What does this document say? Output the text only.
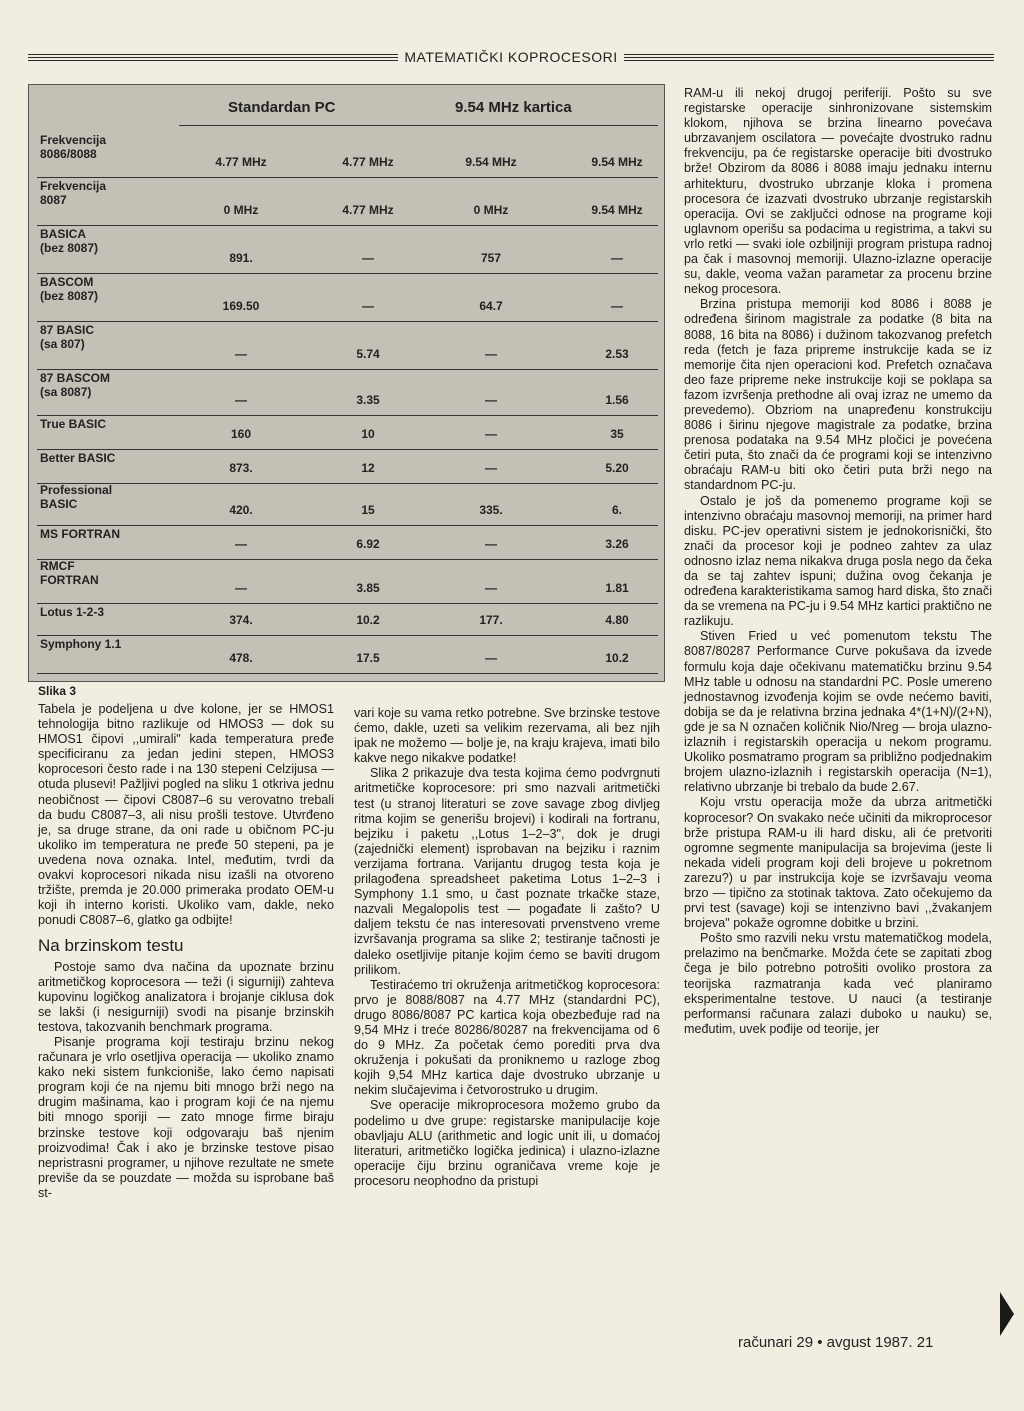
MATEMATIČKI KOPROCESORI
Standardan PC	9.54 MHz kartica
Frekvencija
8086/8088
4.77 MHz	4.77 MHz	9.54 MHz	9.54 MHz
Frekvencija
8087
0 MHz	4.77 MHz	0 MHz	9.54 MHz
BASICA
(bez 8087)
891.	—	757	—
BASCOM
(bez 8087)
169.50	—	64.7	—
87 BASIC
(sa 807)
—	5.74	—	2.53
87 BASCOM
(sa 8087)
—	3.35	—	1.56
True BASIC
160	10	—	35
Better BASIC
873.	12	—	5.20
Professional
BASIC	420.	15	335.	6.
MS FORTRAN
—	6.92	—	3.26
RMCF
FORTRAN
—	3.85	—	1.81
Lotus 1-2-3
374.	10.2	177.	4.80
Symphony 1.1
478.	17.5	—	10.2
Slika 3

Tabela je podeljena u dve kolone, jer se HMOS1 tehnologija bitno razlikuje od HMOS3 — dok su HMOS1 čipovi ,,umirali" kada temperatura pređe specificiranu za jedan jedini stepen, HMOS3 koprocesori često rade i na 130 stepeni Celzijusa — otuda plusevi! Pažljivi pogled na sliku 1 otkriva jednu neobičnost — čipovi C8087–6 su verovatno trebali da budu C8087–3, ali nisu prošli testove. Utvrđeno je, sa druge strane, da oni rade u običnom PC-ju ukoliko im temperatura ne pređe 50 stepeni, pa je uvedena nova oznaka. Intel, međutim, tvrdi da ovakvi koprocesori nikada nisu izašli na otvoreno tržište, premda je 20.000 primeraka prodato OEM-u koji ih interno koristi. Ukoliko vam, dakle, neko ponudi C8087–6, glatko ga odbijte!

Na brzinskom testu

Postoje samo dva načina da upoznate brzinu aritmetičkog koprocesora — teži (i sigurniji) zahteva kupovinu logičkog analizatora i brojanje ciklusa dok se lakši (i nesigurniji) svodi na pisanje brzinskih testova, takozvanih benchmark programa.

Pisanje programa koji testiraju brzinu nekog računara je vrlo osetljiva operacija — ukoliko znamo kako neki sistem funkcioniše, lako ćemo napisati program koji će na njemu biti mnogo brži nego na drugim mašinama, kao i program koji će na njemu biti mnogo sporiji — zato mnoge firme biraju brzinske testove koji odgovaraju baš njenim proizvodima! Čak i ako je brzinske testove pisao nepristrasni programer, u njihove rezultate ne smete previše da se pouzdate — možda su isprobane baš st-

vari koje su vama retko potrebne. Sve brzinske testove ćemo, dakle, uzeti sa velikim rezervama, ali bez njih ipak ne možemo — bolje je, na kraju krajeva, imati bilo kakve nego nikakve podatke!

Slika 2 prikazuje dva testa kojima ćemo podvrgnuti aritmetičke koprocesore: pri smo nazvali aritmetički test (u stranoj literaturi se zove savage zbog divljeg ritma kojim se generišu brojevi) i kodirali na fortranu, bejziku i paketu ,,Lotus 1–2–3", dok je drugi (zajednički element) isprobavan na bejziku i raznim verzijama fortrana. Varijantu drugog testa koja je prilagođena spreadsheet paketima Lotus 1–2–3 i Symphony 1.1 smo, u čast poznate trkačke staze, nazvali Megalopolis test — pogađate li zašto? U daljem tekstu će nas interesovati prvenstveno vreme izvršavanja programa sa slike 2; testiranje tačnosti je daleko osetljivije pitanje kojim ćemo se baviti drugom prilikom.

Testiraćemo tri okruženja aritmetičkog koprocesora: prvo je 8088/8087 na 4.77 MHz (standardni PC), drugo 8086/8087 PC kartica koja obezbeđuje rad na 9,54 MHz i treće 80286/80287 na frekvencijama od 6 do 9 MHz. Za početak ćemo porediti prva dva okruženja i pokušati da proniknemo u razloge zbog kojih 9,54 MHz kartica daje dvostruko ubrzanje u nekim slučajevima i četvorostruko u drugim.

Sve operacije mikroprocesora možemo grubo da podelimo u dve grupe: registarske manipulacije koje obavljaju ALU (arithmetic and logic unit ili, u domaćoj literaturi, aritmetičko logička jedinica) i ulazno-izlazne operacije čiju brzinu ograničava vreme koje je procesoru neophodno da pristupi

RAM-u ili nekoj drugoj periferiji. Pošto su sve registarske operacije sinhronizovane sistemskim klokom, njihova se brzina linearno povećava ubrzavanjem oscilatora — povećajte dvostruko radnu frekvenciju, pa će registarske operacije biti dvostruko brže! Obzirom da 8086 i 8088 imaju jednaku internu arhitekturu, dvostruko ubrzanje kloka i promena procesora će izazvati dvostruko ubrzanje registarskih operacija. Ovi se zaključci odnose na programe koji uglavnom operišu sa podacima u registrima, a takvi su vrlo retki — svaki iole ozbiljniji program pristupa radnoj pa čak i masovnoj memoriji. Ulazno-izlazne operacije su, dakle, veoma važan parametar za procenu brzine nekog procesora.

Brzina pristupa memoriji kod 8086 i 8088 je određena širinom magistrale za podatke (8 bita na 8088, 16 bita na 8086) i dužinom takozvanog prefetch reda (fetch je faza pripreme instrukcije kada se iz memorije čita njen operacioni kod. Prefetch označava deo faze pripreme neke instrukcije koji se poklapa sa fazom izvršenja prethodne ali ovaj izraz ne umemo da prevedemo). Obzriom na unapređenu konstrukciju 8086 i širinu njegove magistrale za podatke, brzina prenosa podataka na 9.54 MHz pločici je povećena četiri puta, što znači da će programi koji se intenzivno obraćaju RAM-u biti oko četiri puta brži nego na standardnom PC-ju.

Ostalo je još da pomenemo programe koji se intenzivno obraćaju masovnoj memoriji, na primer hard disku. PC-jev operativni sistem je jednokorisnički, što znači da procesor koji je podneo zahtev za ulaz odnosno izlaz nema nikakva druga posla nego da čeka da se taj zahtev ispuni; dužina ovog čekanja je određena karakteristikama samog hard diska, što znači da se vremena na PC-ju i 9.54 MHz kartici praktično ne razlikuju.

Stiven Fried u već pomenutom tekstu The 8087/80287 Performance Curve pokušava da izvede formulu koja daje očekivanu matematičku brzinu 9.54 MHz table u odnosu na standardni PC. Posle umereno jednostavnog izvođenja kojim se ovde nećemo baviti, dobija se da je relativna brzina jednaka 4*(1+N)/(2+N), gde je sa N označen količnik Nio/Nreg — broja ulazno-izlaznih i registarskih operacija u nekom programu. Ukoliko posmatramo program sa približno podjednakim brojem ulazno-izlaznih i registarskih operacija (N=1), relativno ubrzanje bi trebalo da bude 2.67.

Koju vrstu operacija može da ubrza aritmetički koprocesor? On svakako neće učiniti da mikroprocesor brže pristupa RAM-u ili hard disku, ali će pretvoriti ogromne segmente manipulacija sa brojevima (jeste li nekada videli program koji deli brojeve u pokretnom zarezu?) u par instrukcija koje se izvršavaju veoma brzo — tipično za stotinak taktova. Zato očekujemo da prvi test (savage) koji se intenzivno bavi ,,žvakanjem brojeva" pokaže ogromne dobitke u brzini.

Pošto smo razvili neku vrstu matematičkog modela, prelazimo na benčmarke. Možda ćete se zapitati zbog čega je bilo potrebno potrošiti ovoliko prostora za teorijska razmatranja kada već planiramo eksperimentalne testove. U nauci (a testiranje performansi računara zalazi duboko u nauku) se, međutim, uvek pođije od teorije, jer

računari 29 • avgust 1987. 21
